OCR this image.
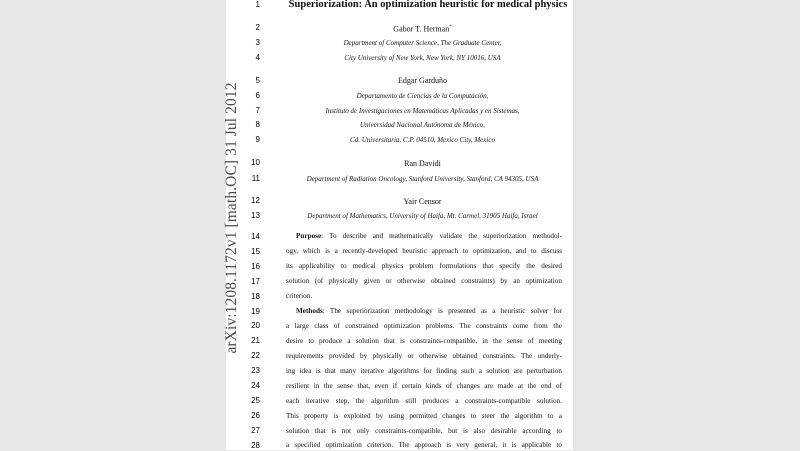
arXiv:1208.1172v1 [math.OC] 31 Jul 2012
1
2
3
4
5
6
7
8
9
10
11
12
13
14
15
16
17
18
19
20
21
22
23
24
25
26
27
28
Superiorization: An optimization heuristic for medical physics
Gabor T. Herman*
Department of Computer Science, The Graduate Center,
City University of New York, New York, NY 10016, USA
Edgar Garduño
Departamento de Ciencias de la Computación,
Instituto de Investigaciones en Matemáticas Aplicadas y en Sistemas,
Universidad Nacional Autónoma de México,
Cd. Universitaria, C.P. 04510, Mexico City, Mexico
Ran Davidi
Department of Radiation Oncology, Stanford University, Stanford, CA 94305, USA
Yair Censor
Department of Mathematics, University of Haifa, Mt. Carmel, 31905 Haifa, Israel
Purpose: To describe and mathematically validate the superiorization methodol-
ogy, which is a recently-developed heuristic approach to optimization, and to discuss
its applicability to medical physics problem formulations that specify the desired
solution (of physically given or otherwise obtained constraints) by an optimization
criterion.
Methods: The superiorization methodology is presented as a heuristic solver for
a large class of constrained optimization problems. The constraints come from the
desire to produce a solution that is constraints-compatible, in the sense of meeting
requirements provided by physically or otherwise obtained constraints. The underly-
ing idea is that many iterative algorithms for finding such a solution are perturbation
resilient in the sense that, even if certain kinds of changes are made at the end of
each iterative step, the algorithm still produces a constraints-compatible solution.
This property is exploited by using permitted changes to steer the algorithm to a
solution that is not only constraints-compatible, but is also desirable according to
a specified optimization criterion. The approach is very general, it is applicable to
